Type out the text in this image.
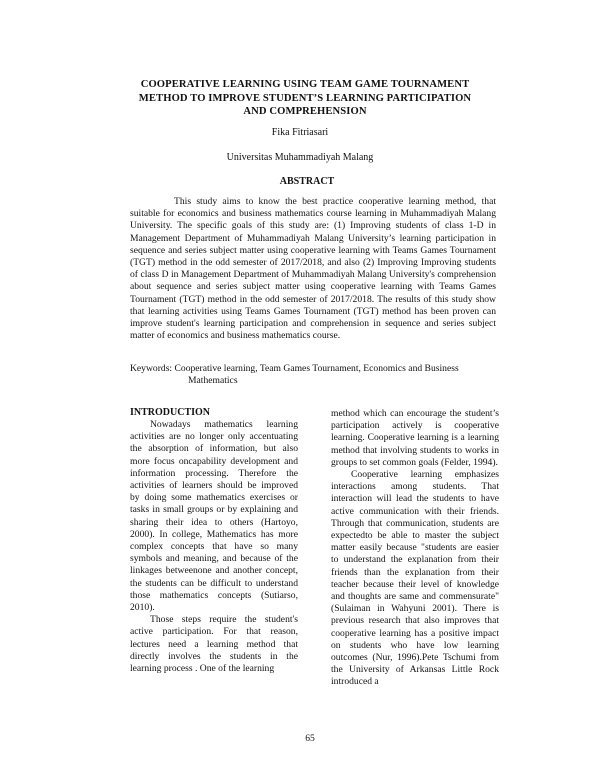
COOPERATIVE LEARNING USING TEAM GAME TOURNAMENT
METHOD TO IMPROVE STUDENT’S LEARNING PARTICIPATION
AND COMPREHENSION
Fika Fitriasari
Universitas Muhammadiyah Malang
ABSTRACT
This study aims to know the best practice cooperative learning method, that suitable for economics and business mathematics course learning in Muhammadiyah Malang University. The specific goals of this study are: (1) Improving students of class 1-D in Management Department of Muhammadiyah Malang University’s learning participation in sequence and series subject matter using cooperative learning with Teams Games Tournament (TGT) method in the odd semester of 2017/2018, and also (2) Improving Improving students of class D in Management Department of Muhammadiyah Malang University's comprehension about sequence and series subject matter using cooperative learning with Teams Games Tournament (TGT) method in the odd semester of 2017/2018. The results of this study show that learning activities using Teams Games Tournament (TGT) method has been proven can improve student's learning participation and comprehension in sequence and series subject matter of economics and business mathematics course.
Keywords: Cooperative learning, Team Games Tournament, Economics and Business
Mathematics
INTRODUCTION

Nowadays mathematics learning activities are no longer only accentuating the absorption of information, but also more focus oncapability development and information processing. Therefore the activities of learners should be improved by doing some mathematics exercises or tasks in small groups or by explaining and sharing their idea to others (Hartoyo, 2000). In college, Mathematics has more complex concepts that have so many symbols and meaning, and because of the linkages betweenone and another concept, the students can be difficult to understand those mathematics concepts (Sutiarso, 2010).

Those steps require the student's active participation. For that reason, lectures need a learning method that directly involves the students in the learning process . One of the learning

method which can encourage the student’s participation actively is cooperative learning. Cooperative learning is a learning method that involving students to works in groups to set common goals (Felder, 1994).

Cooperative learning emphasizes interactions among students. That interaction will lead the students to have active communication with their friends. Through that communication, students are expectedto be able to master the subject matter easily because "students are easier to understand the explanation from their friends than the explanation from their teacher because their level of knowledge and thoughts are same and commensurate" (Sulaiman in Wahyuni 2001). There is previous research that also improves that cooperative learning has a positive impact on students who have low learning outcomes (Nur, 1996).Pete Tschumi from the University of Arkansas Little Rock introduced a

65
